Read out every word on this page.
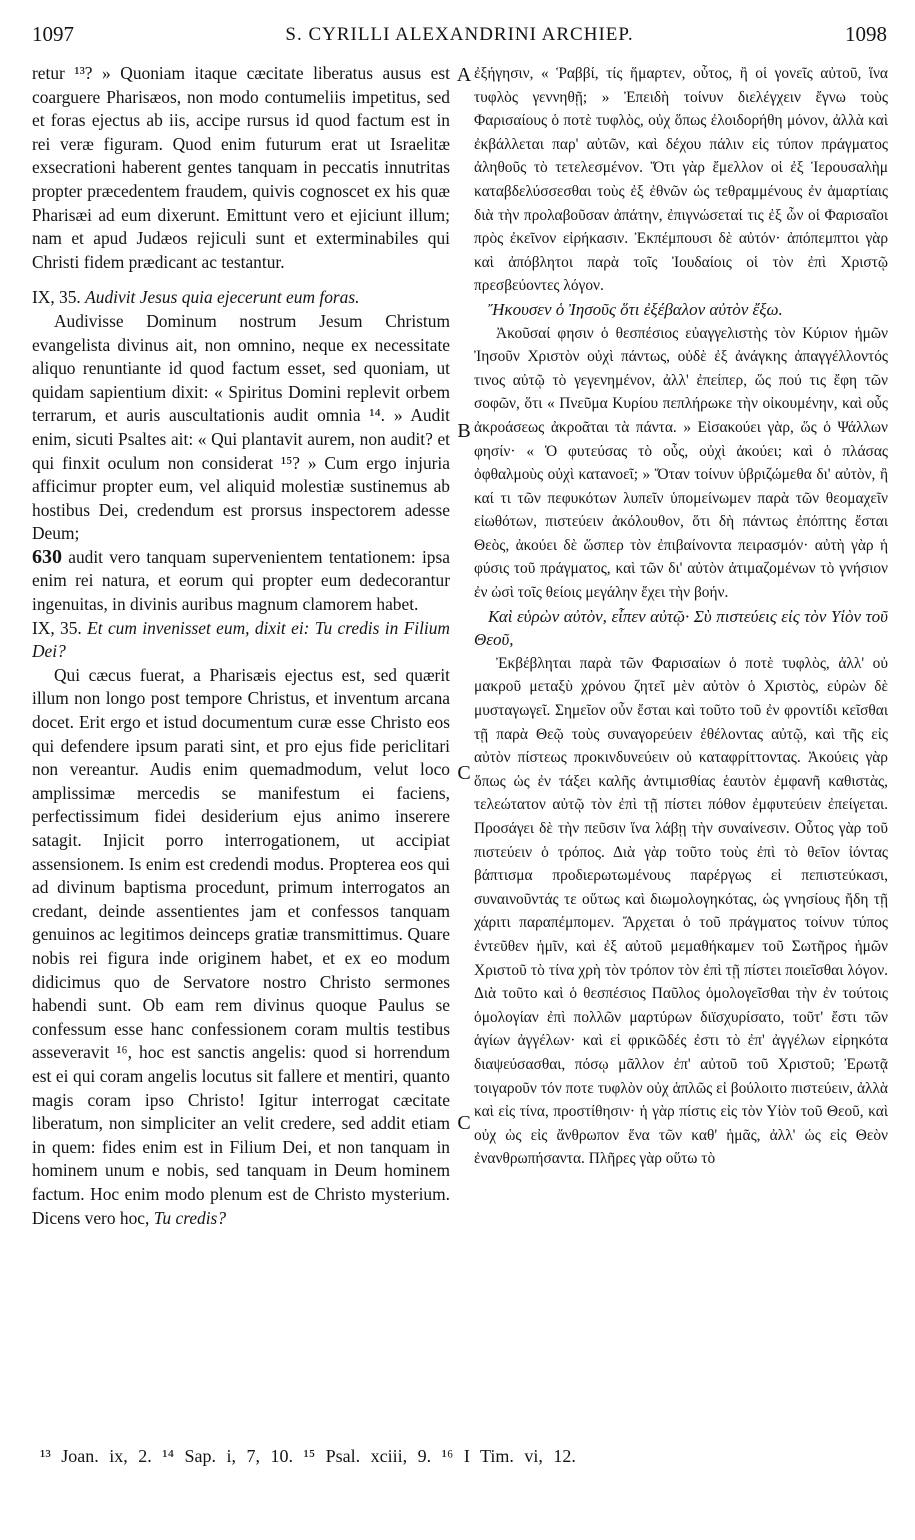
1097	S. CYRILLI ALEXANDRINI ARCHIEP.	1098

retur ¹³? » Quoniam itaque cæcitate liberatus ausus est coarguere Pharisæos, non modo contumeliis impetitus, sed et foras ejectus ab iis, accipe rursus id quod factum est in rei veræ figuram. Quod enim futurum erat ut Israelitæ exsecrationi haberent gentes tanquam in peccatis innutritas propter præcedentem fraudem, quivis cognoscet ex his quæ Pharisæi ad eum dixerunt. Emittunt vero et ejiciunt illum; nam et apud Judæos rejiculi sunt et exterminabiles qui Christi fidem prædicant ac testantur.

IX, 35. Audivit Jesus quia ejecerunt eum foras.

Audivisse Dominum nostrum Jesum Christum evangelista divinus ait, non omnino, neque ex necessitate aliquo renuntiante id quod factum esset, sed quoniam, ut quidam sapientium dixit: « Spiritus Domini replevit orbem terrarum, et auris auscultationis audit omnia ¹⁴. » Audit enim, sicuti Psaltes ait: « Qui plantavit aurem, non audit? et qui finxit oculum non considerat ¹⁵? » Cum ergo injuria afficimur propter eum, vel aliquid molestiæ sustinemus ab hostibus Dei, credendum est prorsus inspectorem adesse Deum;

630 audit vero tanquam supervenientem tentationem: ipsa enim rei natura, et eorum qui propter eum dedecorantur ingenuitas, in divinis auribus magnum clamorem habet.

IX, 35. Et cum invenisset eum, dixit ei: Tu credis in Filium Dei?

Qui cæcus fuerat, a Pharisæis ejectus est, sed quærit illum non longo post tempore Christus, et inventum arcana docet. Erit ergo et istud documentum curæ esse Christo eos qui defendere ipsum parati sint, et pro ejus fide periclitari non vereantur. Audis enim quemadmodum, velut loco amplissimæ mercedis se manifestum ei faciens, perfectissimum fidei desiderium ejus animo inserere satagit. Injicit porro interrogationem, ut accipiat assensionem. Is enim est credendi modus. Propterea eos qui ad divinum baptisma procedunt, primum interrogatos an credant, deinde assentientes jam et confessos tanquam genuinos ac legitimos deinceps gratiæ transmittimus. Quare nobis rei figura inde originem habet, et ex eo modum didicimus quo de Servatore nostro Christo sermones habendi sunt. Ob eam rem divinus quoque Paulus se confessum esse hanc confessionem coram multis testibus asseveravit ¹⁶, hoc est sanctis angelis: quod si horrendum est ei qui coram angelis locutus sit fallere et mentiri, quanto magis coram ipso Christo! Igitur interrogat cæcitate liberatum, non simpliciter an velit credere, sed addit etiam in quem: fides enim est in Filium Dei, et non tanquam in hominem unum e nobis, sed tanquam in Deum hominem factum. Hoc enim modo plenum est de Christo mysterium. Dicens vero hoc, Tu credis?

A
B
C
C

ἐξήγησιν, « Ῥαββί, τίς ἥμαρτεν, οὗτος, ἢ οἱ γονεῖς αὐτοῦ, ἵνα τυφλὸς γεννηθῇ; » Ἐπειδὴ τοίνυν διελέγχειν ἔγνω τοὺς Φαρισαίους ὁ ποτὲ τυφλὸς, οὐχ ὅπως ἐλοιδορήθη μόνον, ἀλλὰ καὶ ἐκβάλλεται παρ' αὐτῶν, καὶ δέχου πάλιν εἰς τύπον πράγματος ἀληθοῦς τὸ τετελεσμένον. Ὅτι γὰρ ἔμελλον οἱ ἐξ Ἱερουσαλὴμ καταβδελύσσεσθαι τοὺς ἐξ ἐθνῶν ὡς τεθραμμένους ἐν ἁμαρτίαις διὰ τὴν προλαβοῦσαν ἀπάτην, ἐπιγνώσεταί τις ἐξ ὧν οἱ Φαρισαῖοι πρὸς ἐκεῖνον εἰρήκασιν. Ἐκπέμπουσι δὲ αὐτόν· ἀπόπεμπτοι γὰρ καὶ ἀπόβλητοι παρὰ τοῖς Ἰουδαίοις οἱ τὸν ἐπὶ Χριστῷ πρεσβεύοντες λόγον.

Ἤκουσεν ὁ Ἰησοῦς ὅτι ἐξέβαλον αὐτὸν ἔξω.

Ἀκοῦσαί φησιν ὁ θεσπέσιος εὐαγγελιστὴς τὸν Κύριον ἡμῶν Ἰησοῦν Χριστὸν οὐχὶ πάντως, οὐδὲ ἐξ ἀνάγκης ἀπαγγέλλοντός τινος αὐτῷ τὸ γεγενημένον, ἀλλ' ἐπείπερ, ὥς πού τις ἔφη τῶν σοφῶν, ὅτι « Πνεῦμα Κυρίου πεπλήρωκε τὴν οἰκουμένην, καὶ οὖς ἀκροάσεως ἀκροᾶται τὰ πάντα. » Εἰσακούει γὰρ, ὥς ὁ Ψάλλων φησίν· « Ὁ φυτεύσας τὸ οὖς, οὐχὶ ἀκούει; καὶ ὁ πλάσας ὀφθαλμοὺς οὐχὶ κατανοεῖ; » Ὅταν τοίνυν ὑβριζώμεθα δι' αὐτὸν, ἢ καί τι τῶν πεφυκότων λυπεῖν ὑπομείνωμεν παρὰ τῶν θεομαχεῖν εἰωθότων, πιστεύειν ἀκόλουθον, ὅτι δὴ πάντως ἐπόπτης ἔσται Θεὸς, ἀκούει δὲ ὥσπερ τὸν ἐπιβαίνοντα πειρασμόν· αὐτὴ γὰρ ἡ φύσις τοῦ πράγματος, καὶ τῶν δι' αὐτὸν ἀτιμαζομένων τὸ γνήσιον ἐν ὠσὶ τοῖς θείοις μεγάλην ἔχει τὴν βοήν.

Καὶ εὑρὼν αὐτὸν, εἶπεν αὐτῷ· Σὺ πιστεύεις εἰς τὸν Υἱὸν τοῦ Θεοῦ,

Ἐκβέβληται παρὰ τῶν Φαρισαίων ὁ ποτὲ τυφλὸς, ἀλλ' οὐ μακροῦ μεταξὺ χρόνου ζητεῖ μὲν αὐτὸν ὁ Χριστὸς, εὑρὼν δὲ μυσταγωγεῖ. Σημεῖον οὖν ἔσται καὶ τοῦτο τοῦ ἐν φροντίδι κεῖσθαι τῇ παρὰ Θεῷ τοὺς συναγορεύειν ἐθέλοντας αὐτῷ, καὶ τῆς εἰς αὐτὸν πίστεως προκινδυνεύειν οὐ καταφρίττοντας. Ἀκούεις γὰρ ὅπως ὡς ἐν τάξει καλῆς ἀντιμισθίας ἑαυτὸν ἐμφανῆ καθιστὰς, τελεώτατον αὐτῷ τὸν ἐπὶ τῇ πίστει πόθον ἐμφυτεύειν ἐπείγεται. Προσάγει δὲ τὴν πεῦσιν ἵνα λάβῃ τὴν συναίνεσιν. Οὗτος γὰρ τοῦ πιστεύειν ὁ τρόπος. Διὰ γὰρ τοῦτο τοὺς ἐπὶ τὸ θεῖον ἰόντας βάπτισμα προδιερωτωμένους παρέργως εἰ πεπιστεύκασι, συναινοῦντάς τε οὕτως καὶ διωμολογηκότας, ὡς γνησίους ἤδη τῇ χάριτι παραπέμπομεν. Ἄρχεται ὁ τοῦ πράγματος τοίνυν τύπος ἐντεῦθεν ἡμῖν, καὶ ἐξ αὐτοῦ μεμαθήκαμεν τοῦ Σωτῆρος ἡμῶν Χριστοῦ τὸ τίνα χρὴ τὸν τρόπον τὸν ἐπὶ τῇ πίστει ποιεῖσθαι λόγον. Διὰ τοῦτο καὶ ὁ θεσπέσιος Παῦλος ὁμολογεῖσθαι τὴν ἐν τούτοις ὁμολογίαν ἐπὶ πολλῶν μαρτύρων διϊσχυρίσατο, τοῦτ' ἔστι τῶν ἁγίων ἀγγέλων· καὶ εἰ φρικῶδές ἐστι τὸ ἐπ' ἀγγέλων εἰρηκότα διαψεύσασθαι, πόσῳ μᾶλλον ἐπ' αὐτοῦ τοῦ Χριστοῦ; Ἐρωτᾷ τοιγαροῦν τόν ποτε τυφλὸν οὐχ ἁπλῶς εἰ βούλοιτο πιστεύειν, ἀλλὰ καὶ εἰς τίνα, προστίθησιν· ἡ γὰρ πίστις εἰς τὸν Υἱὸν τοῦ Θεοῦ, καὶ οὐχ ὡς εἰς ἄνθρωπον ἕνα τῶν καθ' ἡμᾶς, ἀλλ' ὡς εἰς Θεὸν ἐνανθρωπήσαντα. Πλῆρες γὰρ οὕτω τὸ

¹³ Joan. ix, 2. ¹⁴ Sap. i, 7, 10. ¹⁵ Psal. xciii, 9. ¹⁶ I Tim. vi, 12.
